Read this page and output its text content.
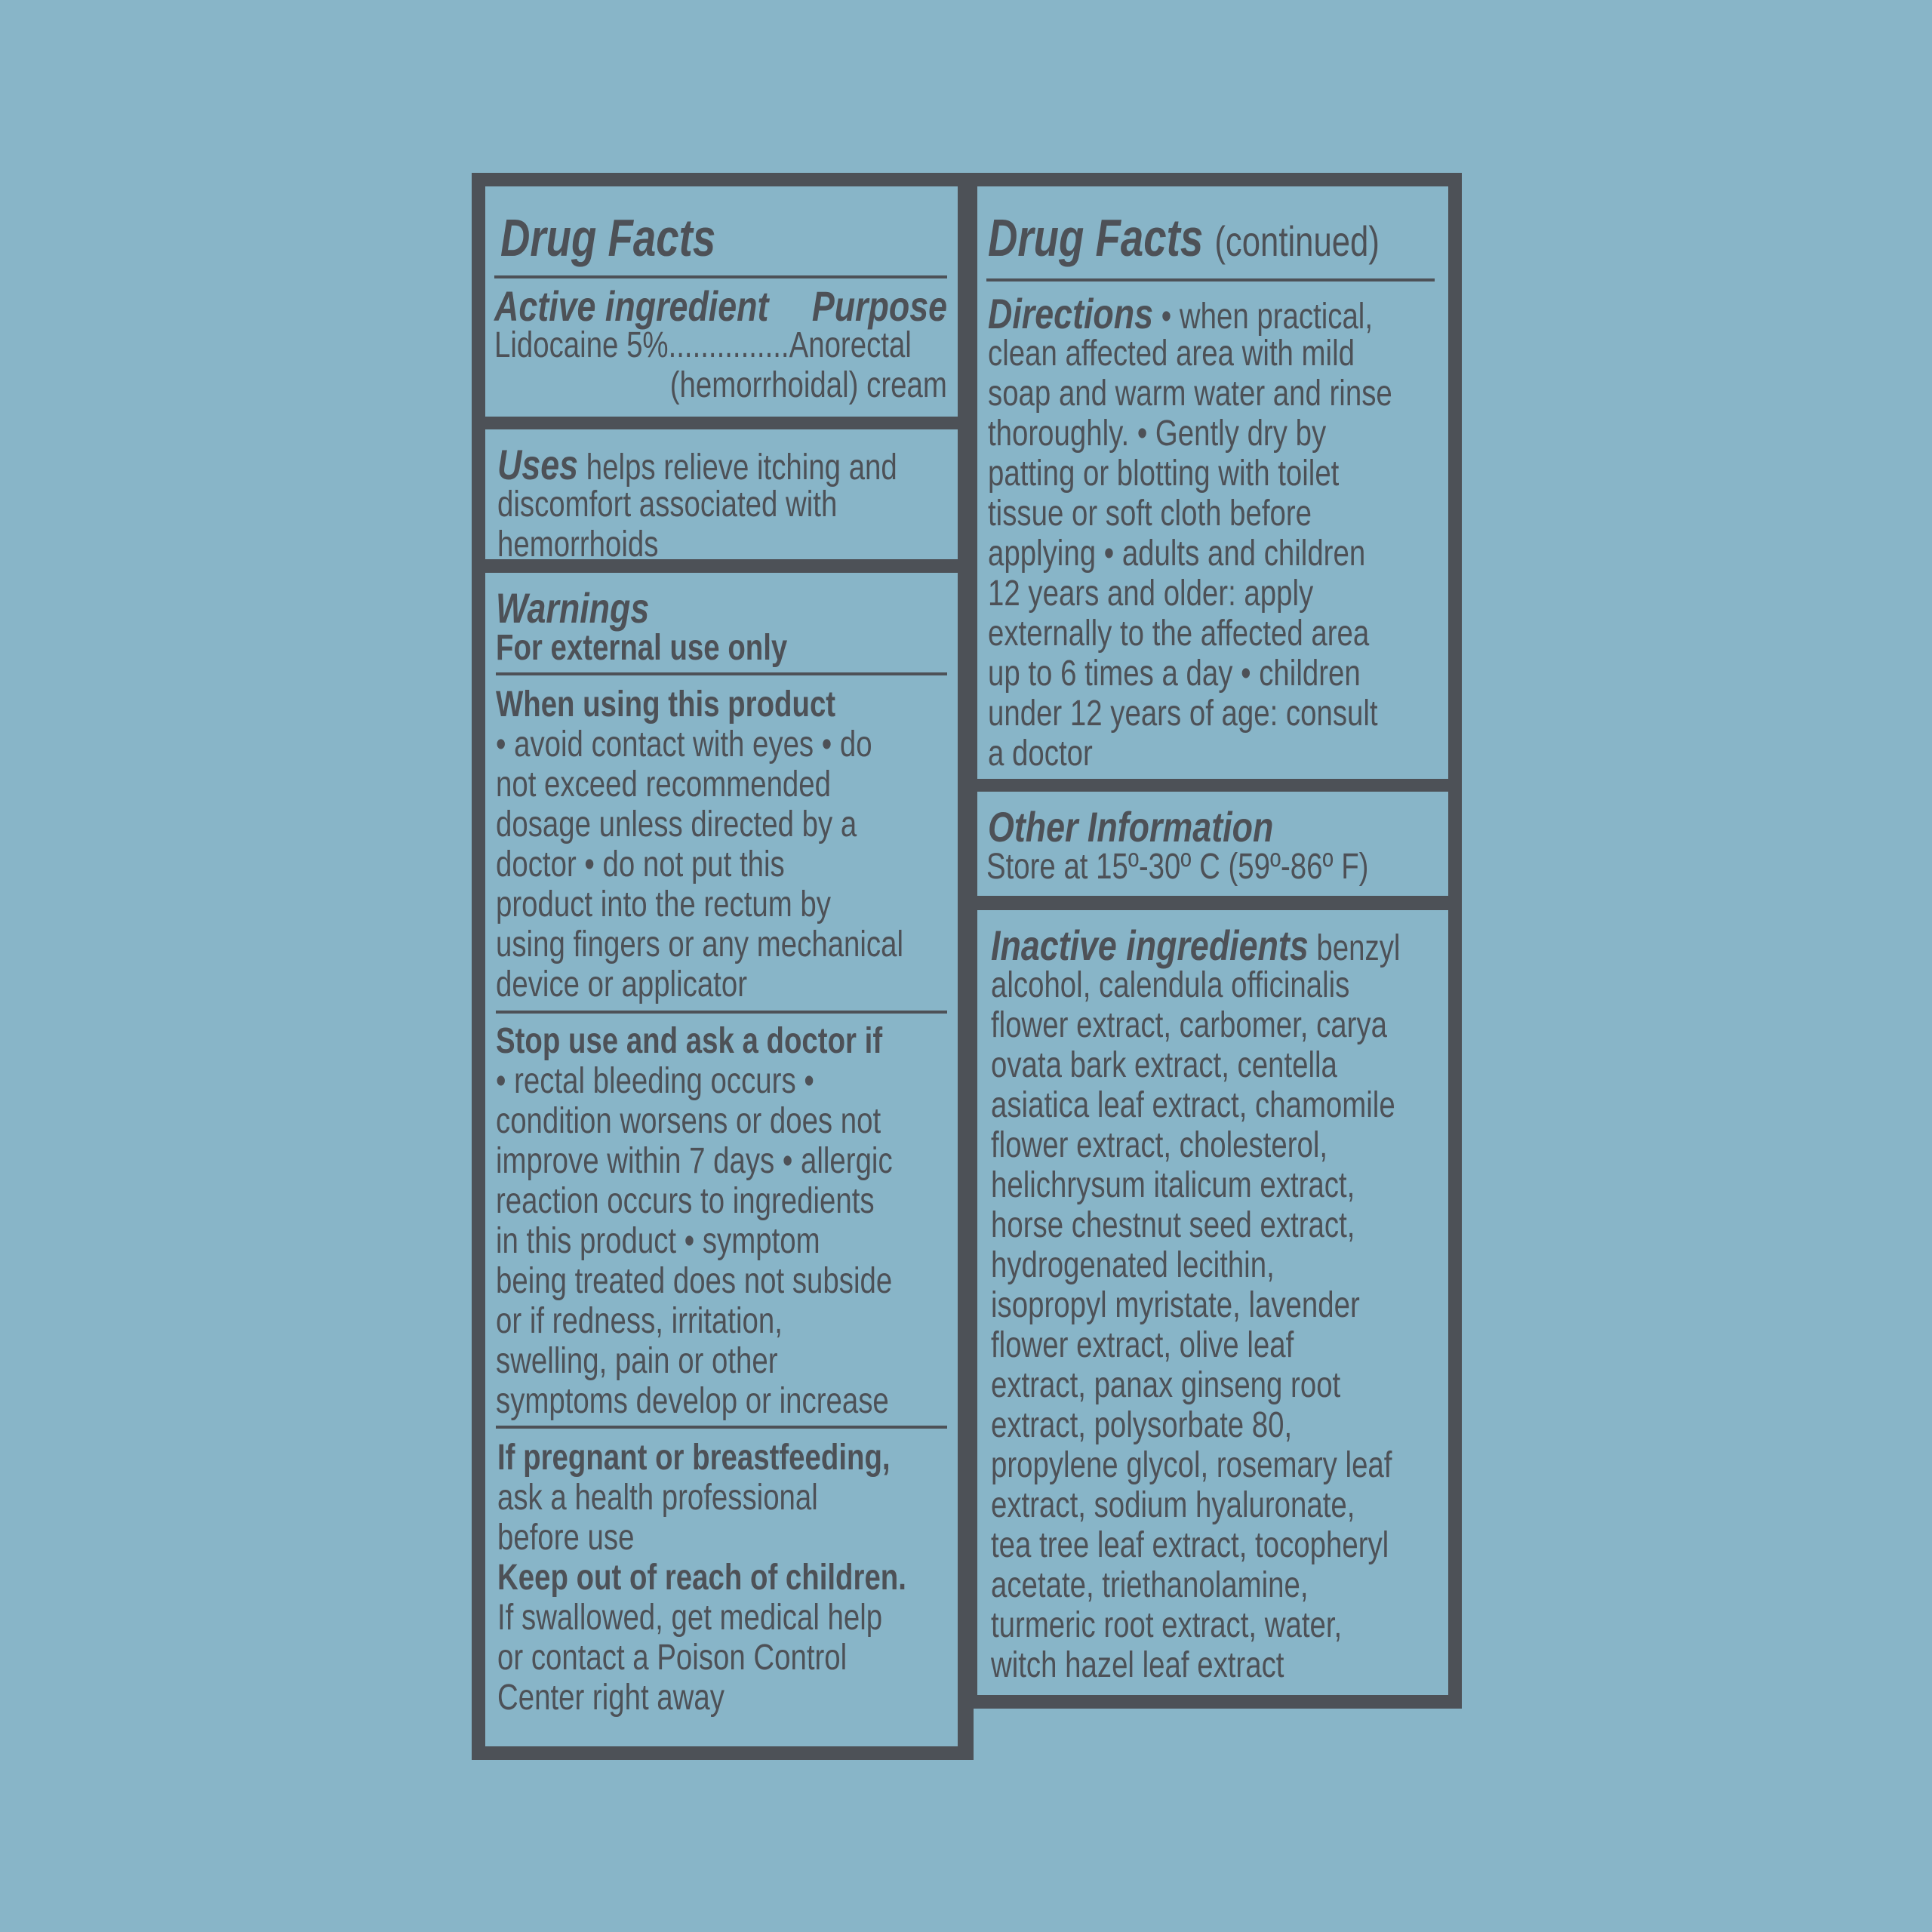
Drug Facts
Active ingredient	Purpose
Lidocaine 5%...............Anorectal
(hemorrhoidal) cream
Uses helps relieve itching and
discomfort associated with
hemorrhoids
Warnings
For external use only
When using this product
• avoid contact with eyes • do
not exceed recommended
dosage unless directed by a
doctor • do not put this
product into the rectum by
using fingers or any mechanical
device or applicator
Stop use and ask a doctor if
• rectal bleeding occurs •
condition worsens or does not
improve within 7 days • allergic
reaction occurs to ingredients
in this product • symptom
being treated does not subside
or if redness, irritation,
swelling, pain or other
symptoms develop or increase
If pregnant or breastfeeding,
ask a health professional
before use
Keep out of reach of children.
If swallowed, get medical help
or contact a Poison Control
Center right away
Drug Facts (continued)
Directions • when practical,
clean affected area with mild
soap and warm water and rinse
thoroughly. • Gently dry by
patting or blotting with toilet
tissue or soft cloth before
applying • adults and children
12 years and older: apply
externally to the affected area
up to 6 times a day • children
under 12 years of age: consult
a doctor
Other Information
Store at 15º-30º C (59º-86º F)
Inactive ingredients benzyl
alcohol, calendula officinalis
flower extract, carbomer, carya
ovata bark extract, centella
asiatica leaf extract, chamomile
flower extract, cholesterol,
helichrysum italicum extract,
horse chestnut seed extract,
hydrogenated lecithin,
isopropyl myristate, lavender
flower extract, olive leaf
extract, panax ginseng root
extract, polysorbate 80,
propylene glycol, rosemary leaf
extract, sodium hyaluronate,
tea tree leaf extract, tocopheryl
acetate, triethanolamine,
turmeric root extract, water,
witch hazel leaf extract
